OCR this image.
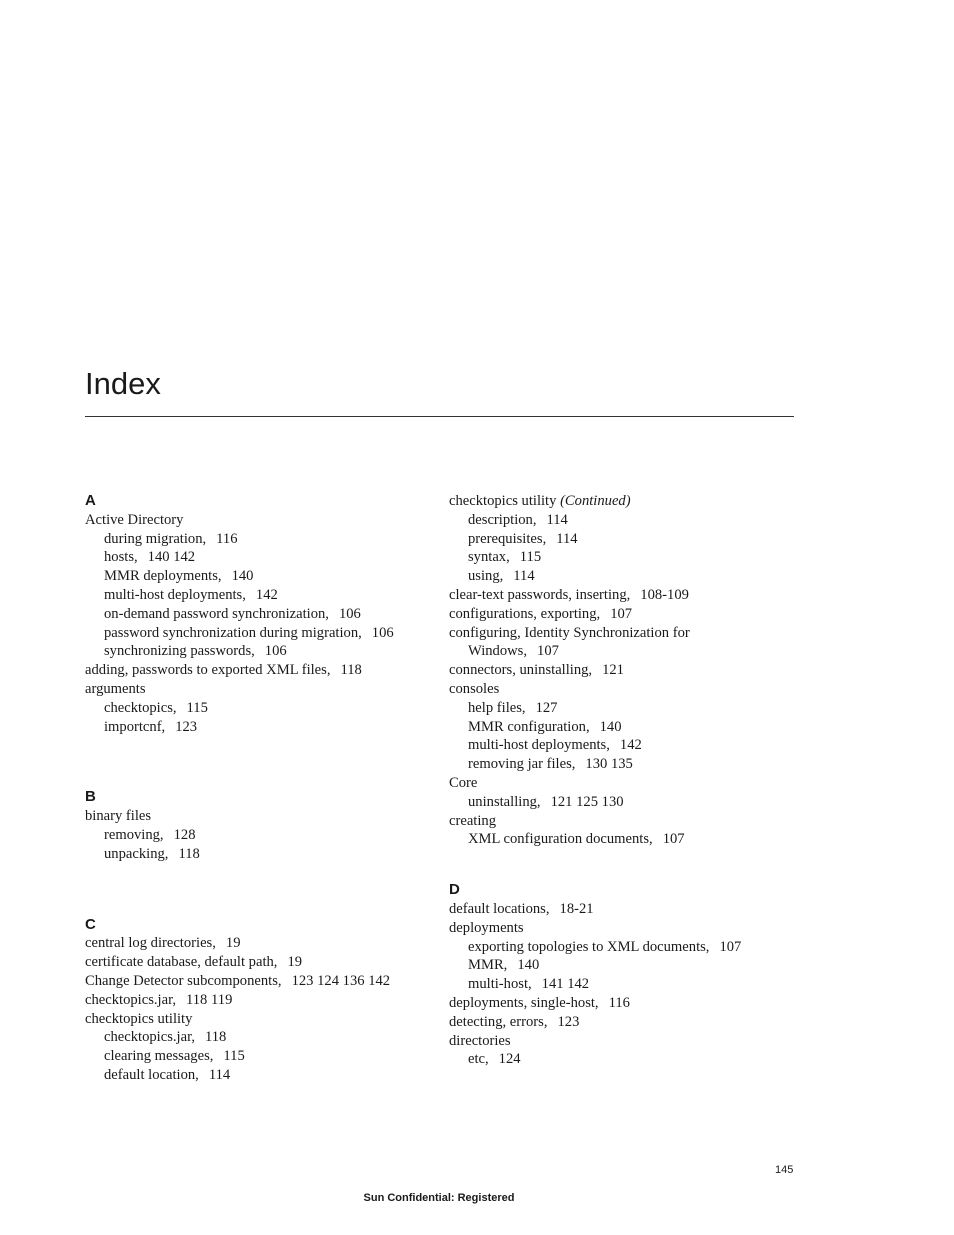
Index
A
Active Directory
during migration, 116
hosts, 140 142
MMR deployments, 140
multi-host deployments, 142
on-demand password synchronization, 106
password synchronization during migration, 106
synchronizing passwords, 106
adding, passwords to exported XML files, 118
arguments
checktopics, 115
importcnf, 123
B
binary files
removing, 128
unpacking, 118
C
central log directories, 19
certificate database, default path, 19
Change Detector subcomponents, 123 124 136 142
checktopics.jar, 118 119
checktopics utility
checktopics.jar, 118
clearing messages, 115
default location, 114
checktopics utility (Continued)
description, 114
prerequisites, 114
syntax, 115
using, 114
clear-text passwords, inserting, 108-109
configurations, exporting, 107
configuring, Identity Synchronization for
Windows, 107
connectors, uninstalling, 121
consoles
help files, 127
MMR configuration, 140
multi-host deployments, 142
removing jar files, 130 135
Core
uninstalling, 121 125 130
creating
XML configuration documents, 107
D
default locations, 18-21
deployments
exporting topologies to XML documents, 107
MMR, 140
multi-host, 141 142
deployments, single-host, 116
detecting, errors, 123
directories
etc, 124
145
Sun Confidential: Registered
